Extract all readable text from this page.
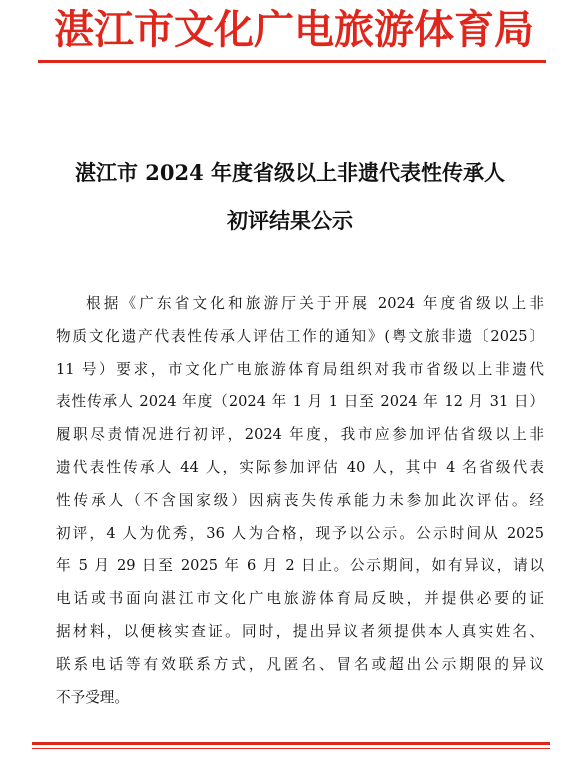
湛江市文化广电旅游体育局
湛江市 2024 年度省级以上非遗代表性传承人
初评结果公示
根据《广东省文化和旅游厅关于开展 2024 年度省级以上非
物质文化遗产代表性传承人评估工作的通知》(粤文旅非遗〔2025〕
11 号）要求，市文化广电旅游体育局组织对我市省级以上非遗代
表性传承人 2024 年度（2024 年 1 月 1 日至 2024 年 12 月 31 日）
履职尽责情况进行初评，2024 年度，我市应参加评估省级以上非
遗代表性传承人 44 人，实际参加评估 40 人，其中 4 名省级代表
性传承人（不含国家级）因病丧失传承能力未参加此次评估。经
初评，4 人为优秀，36 人为合格，现予以公示。公示时间从 2025
年 5 月 29 日至 2025 年 6 月 2 日止。公示期间，如有异议，请以
电话或书面向湛江市文化广电旅游体育局反映，并提供必要的证
据材料，以便核实查证。同时，提出异议者须提供本人真实姓名、
联系电话等有效联系方式，凡匿名、冒名或超出公示期限的异议
不予受理。
